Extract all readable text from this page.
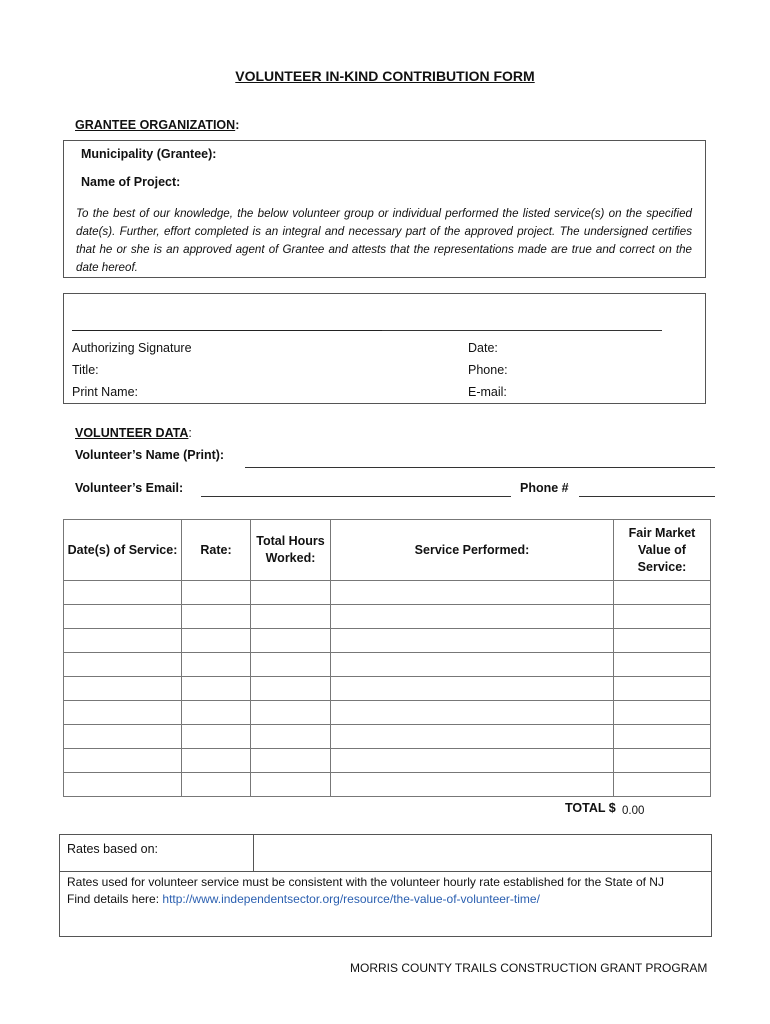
VOLUNTEER IN-KIND CONTRIBUTION FORM
GRANTEE ORGANIZATION:
Municipality (Grantee):
Name of Project:
To the best of our knowledge, the below volunteer group or individual performed the listed service(s) on the specified date(s). Further, effort completed is an integral and necessary part of the approved project. The undersigned certifies that he or she is an approved agent of Grantee and attests that the representations made are true and correct on the date hereof.
Authorizing Signature	Date:
Title:	Phone:
Print Name:	E-mail:
VOLUNTEER DATA:
Volunteer’s Name (Print):
Volunteer’s Email:	Phone #
Date(s) of Service:	Rate:	Total Hours Worked:	Service Performed:	Fair Market Value of Service:

TOTAL $ 0.00
Rates based on:
Rates used for volunteer service must be consistent with the volunteer hourly rate established for the State of NJ
Find details here: http://www.independentsector.org/resource/the-value-of-volunteer-time/
MORRIS COUNTY TRAILS CONSTRUCTION GRANT PROGRAM
